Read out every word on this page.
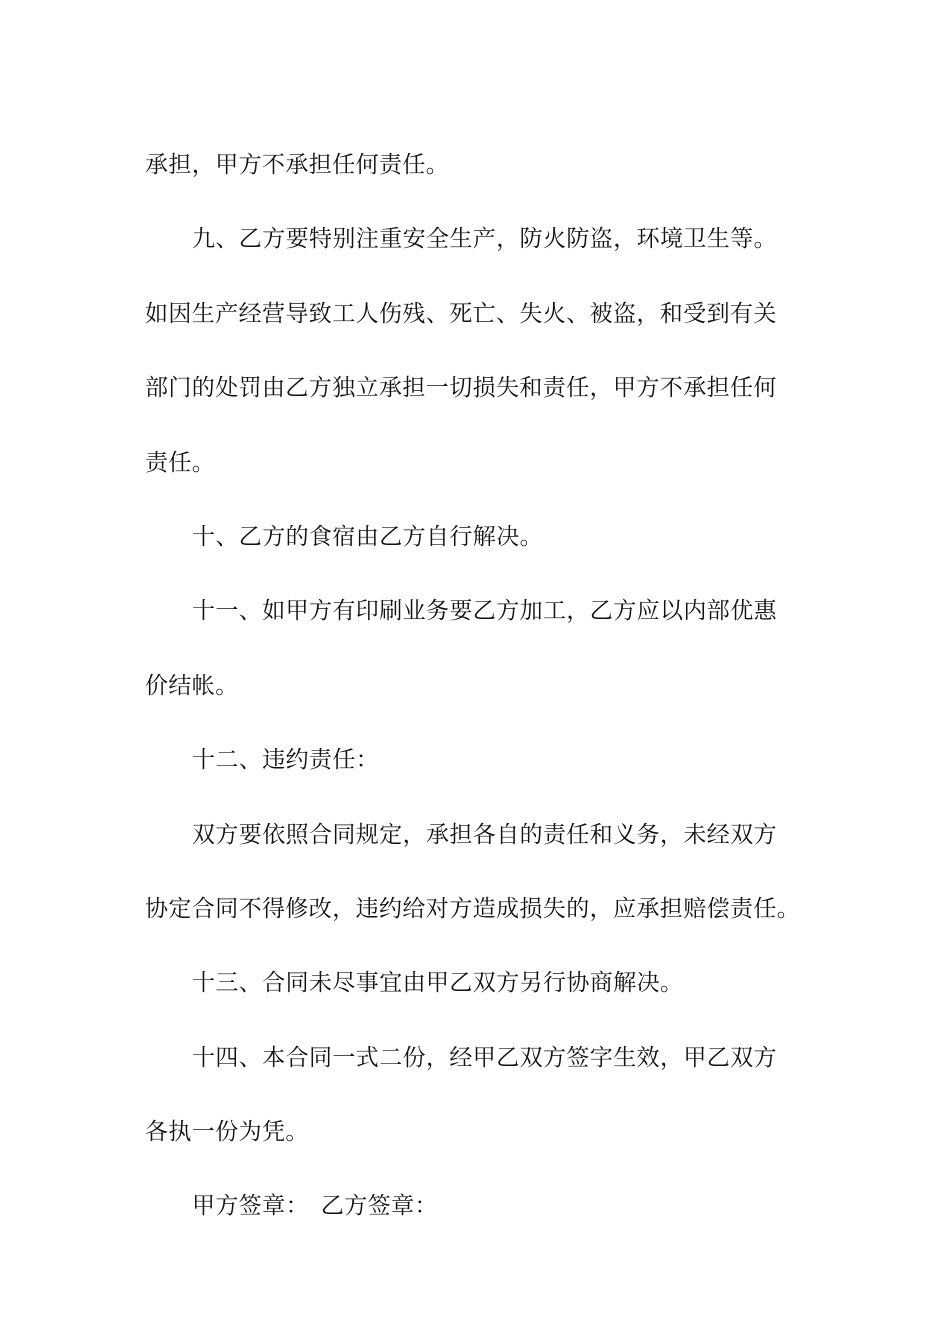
承担，甲方不承担任何责任。
九、乙方要特别注重安全生产，防火防盗，环境卫生等。
如因生产经营导致工人伤残、死亡、失火、被盗，和受到有关
部门的处罚由乙方独立承担一切损失和责任，甲方不承担任何
责任。
十、乙方的食宿由乙方自行解决。
十一、如甲方有印刷业务要乙方加工，乙方应以内部优惠
价结帐。
十二、违约责任：
双方要依照合同规定，承担各自的责任和义务，未经双方
协定合同不得修改，违约给对方造成损失的，应承担赔偿责任。
十三、合同未尽事宜由甲乙双方另行协商解决。
十四、本合同一式二份，经甲乙双方签字生效，甲乙双方
各执一份为凭。
甲方签章：　乙方签章：
